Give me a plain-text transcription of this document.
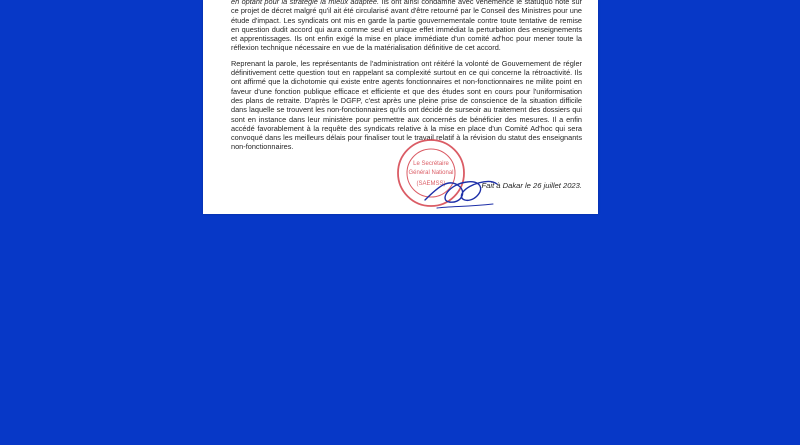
en optant pour la stratégie la mieux adaptée. Ils ont ainsi condamné avec véhémence le statuquo noté sur ce projet de décret malgré qu'il ait été circularisé avant d'être retourné par le Conseil des Ministres pour une étude d'impact. Les syndicats ont mis en garde la partie gouvernementale contre toute tentative de remise en question dudit accord qui aura comme seul et unique effet immédiat la perturbation des enseignements et apprentissages. Ils ont enfin exigé la mise en place immédiate d'un comité ad'hoc pour mener toute la réflexion technique nécessaire en vue de la matérialisation définitive de cet accord.

Reprenant la parole, les représentants de l'administration ont réitéré la volonté de Gouvernement de régler définitivement cette question tout en rappelant sa complexité surtout en ce qui concerne la rétroactivité. Ils ont affirmé que la dichotomie qui existe entre agents fonctionnaires et non-fonctionnaires ne milite point en faveur d'une fonction publique efficace et efficiente et que des études sont en cours pour l'uniformisation des plans de retraite. D'après le DGFP, c'est après une pleine prise de conscience de la situation difficile dans laquelle se trouvent les non-fonctionnaires qu'ils ont décidé de surseoir au traitement des dossiers qui sont en instance dans leur ministère pour permettre aux concernés de bénéficier des mesures. Il a enfin accédé favorablement à la requête des syndicats relative à la mise en place d'un Comité Ad'hoc qui sera convoqué dans les meilleurs délais pour finaliser tout le travail relatif à la révision du statut des enseignants non-fonctionnaires.

Le Secrétaire
Général National
(SAEMSS)	Fait à Dakar le 26 juillet 2023.
